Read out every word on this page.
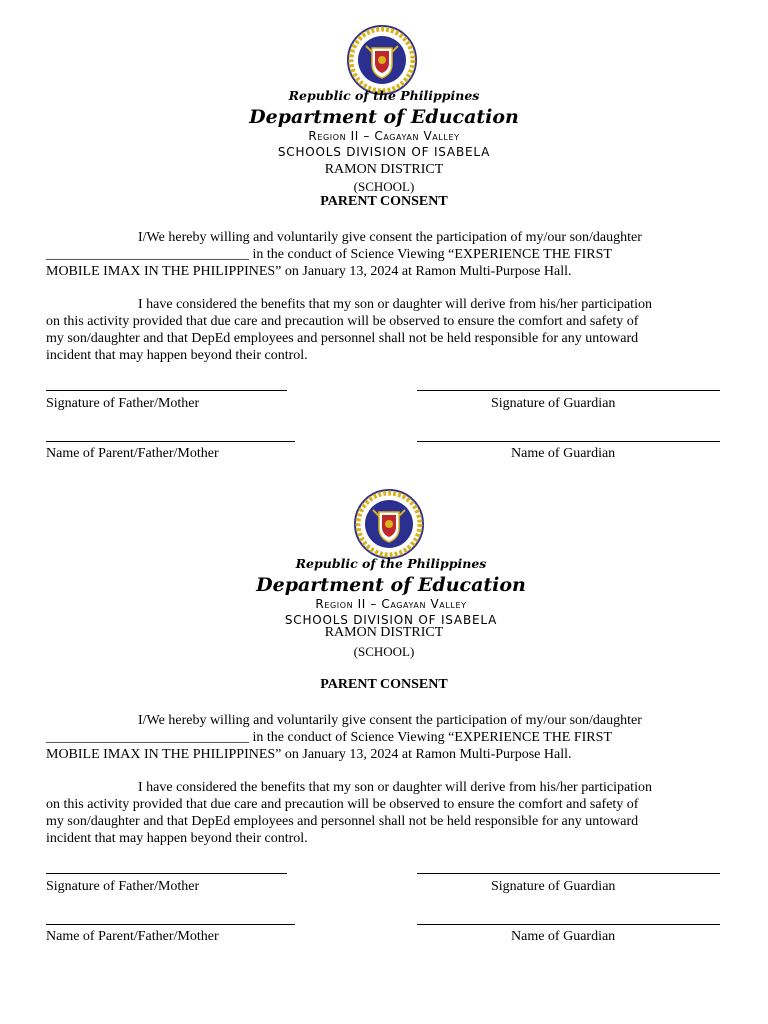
Republic of the Philippines
Department of Education
Region II – Cagayan Valley
SCHOOLS DIVISION OF ISABELA
RAMON DISTRICT
(SCHOOL)
PARENT CONSENT
I/We hereby willing and voluntarily give consent the participation of my/our son/daughter
_____________________________ in the conduct of Science Viewing “EXPERIENCE THE FIRST
MOBILE IMAX IN THE PHILIPPINES” on January 13, 2024 at Ramon Multi-Purpose Hall.
I have considered the benefits that my son or daughter will derive from his/her participation
on this activity provided that due care and precaution will be observed to ensure the comfort and safety of
my son/daughter and that DepEd employees and personnel shall not be held responsible for any untoward
incident that may happen beyond their control.
Signature of Father/Mother	Signature of Guardian
Name of Parent/Father/Mother	Name of Guardian
Republic of the Philippines
Department of Education
Region II – Cagayan Valley
SCHOOLS DIVISION OF ISABELA
RAMON DISTRICT
(SCHOOL)
PARENT CONSENT
I/We hereby willing and voluntarily give consent the participation of my/our son/daughter
_____________________________ in the conduct of Science Viewing “EXPERIENCE THE FIRST
MOBILE IMAX IN THE PHILIPPINES” on January 13, 2024 at Ramon Multi-Purpose Hall.
I have considered the benefits that my son or daughter will derive from his/her participation
on this activity provided that due care and precaution will be observed to ensure the comfort and safety of
my son/daughter and that DepEd employees and personnel shall not be held responsible for any untoward
incident that may happen beyond their control.
Signature of Father/Mother	Signature of Guardian
Name of Parent/Father/Mother	Name of Guardian
